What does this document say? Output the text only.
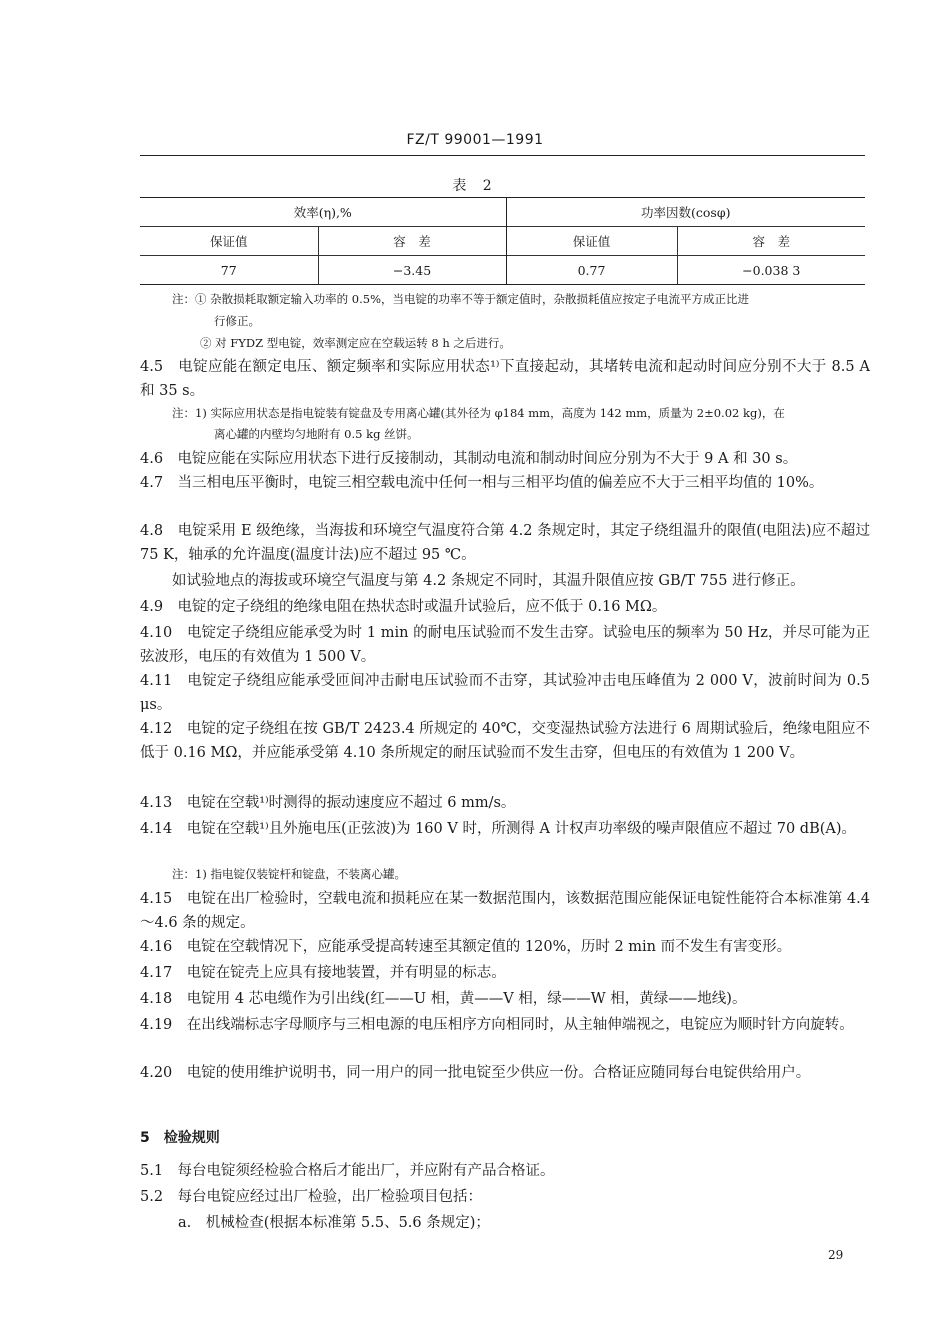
FZ/T 99001—1991
表 2
效率(η),%		功率因数(cosφ)	
保证值	容　差	保证值	容　差
77	−3.45	0.77	−0.038 3
注：① 杂散损耗取额定输入功率的 0.5%，当电锭的功率不等于额定值时，杂散损耗值应按定子电流平方成正比进
行修正。
② 对 FYDZ 型电锭，效率测定应在空载运转 8 h 之后进行。
4.5　电锭应能在额定电压、额定频率和实际应用状态¹⁾下直接起动，其堵转电流和起动时间应分别不大于 8.5 A 和 35 s。
注：1) 实际应用状态是指电锭装有锭盘及专用离心罐(其外径为 φ184 mm，高度为 142 mm，质量为 2±0.02 kg)，在
离心罐的内壁均匀地附有 0.5 kg 丝饼。
4.6　电锭应能在实际应用状态下进行反接制动，其制动电流和制动时间应分别为不大于 9 A 和 30 s。
4.7　当三相电压平衡时，电锭三相空载电流中任何一相与三相平均值的偏差应不大于三相平均值的 10%。
4.8　电锭采用 E 级绝缘，当海拔和环境空气温度符合第 4.2 条规定时，其定子绕组温升的限值(电阻法)应不超过 75 K，轴承的允许温度(温度计法)应不超过 95 ℃。
如试验地点的海拔或环境空气温度与第 4.2 条规定不同时，其温升限值应按 GB/T 755 进行修正。
4.9　电锭的定子绕组的绝缘电阻在热状态时或温升试验后，应不低于 0.16 MΩ。
4.10　电锭定子绕组应能承受为时 1 min 的耐电压试验而不发生击穿。试验电压的频率为 50 Hz，并尽可能为正弦波形，电压的有效值为 1 500 V。
4.11　电锭定子绕组应能承受匝间冲击耐电压试验而不击穿，其试验冲击电压峰值为 2 000 V，波前时间为 0.5 μs。
4.12　电锭的定子绕组在按 GB/T 2423.4 所规定的 40℃，交变湿热试验方法进行 6 周期试验后，绝缘电阻应不低于 0.16 MΩ，并应能承受第 4.10 条所规定的耐压试验而不发生击穿，但电压的有效值为 1 200 V。
4.13　电锭在空载¹⁾时测得的振动速度应不超过 6 mm/s。
4.14　电锭在空载¹⁾且外施电压(正弦波)为 160 V 时，所测得 A 计权声功率级的噪声限值应不超过 70 dB(A)。
注：1) 指电锭仅装锭杆和锭盘，不装离心罐。
4.15　电锭在出厂检验时，空载电流和损耗应在某一数据范围内，该数据范围应能保证电锭性能符合本标准第 4.4～4.6 条的规定。
4.16　电锭在空载情况下，应能承受提高转速至其额定值的 120%，历时 2 min 而不发生有害变形。
4.17　电锭在锭壳上应具有接地装置，并有明显的标志。
4.18　电锭用 4 芯电缆作为引出线(红——U 相，黄——V 相，绿——W 相，黄绿——地线)。
4.19　在出线端标志字母顺序与三相电源的电压相序方向相同时，从主轴伸端视之，电锭应为顺时针方向旋转。
4.20　电锭的使用维护说明书，同一用户的同一批电锭至少供应一份。合格证应随同每台电锭供给用户。
5　检验规则
5.1　每台电锭须经检验合格后才能出厂，并应附有产品合格证。
5.2　每台电锭应经过出厂检验，出厂检验项目包括：
a.　机械检查(根据本标准第 5.5、5.6 条规定)；
29
